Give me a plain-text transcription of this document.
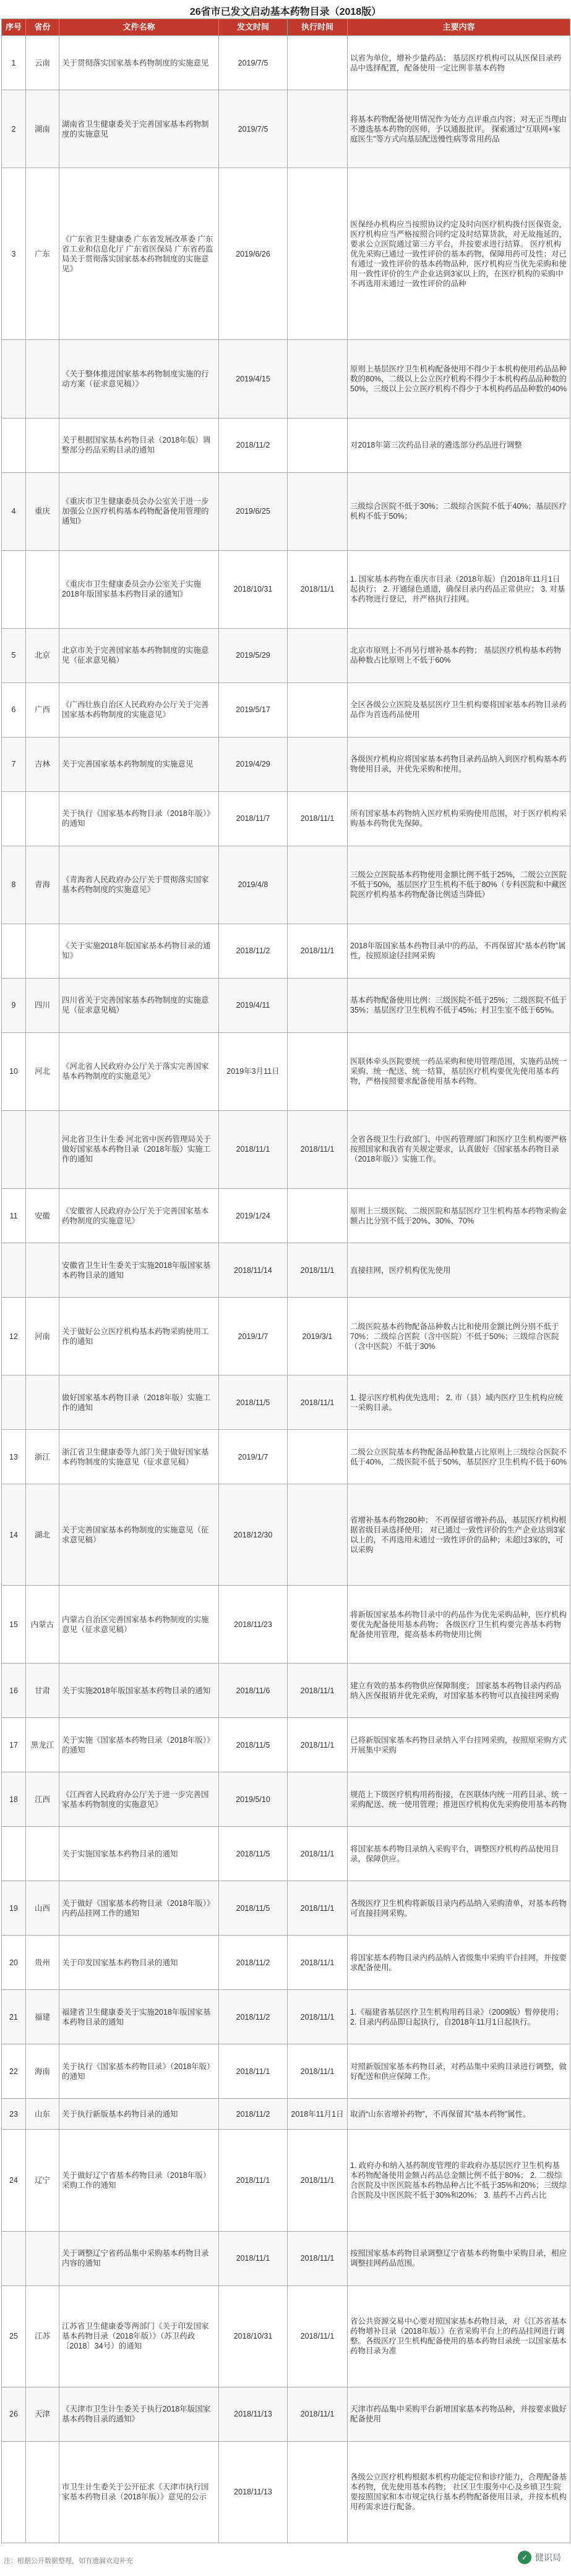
26省市已发文启动基本药物目录（2018版）
序号	省份	文件名称	发文时间	执行时间	主要内容
1	云南	关于贯彻落实国家基本药物制度的实施意见	2019/7/5		以省为单位，增补少量药品； 基层医疗机构可以从医保目录药品中选择配置，配备使用一定比例非基本药物
2	湖南	湖南省卫生健康委关于完善国家基本药物制度的实施意见	2019/7/5		将基本药物配备使用情况作为处方点评重点内容；对无正当理由不遵选基本药物的医师，予以通报批评。 探索通过“互联网+家庭医生”等方式向基层配送慢性病等常用药品
3	广东	《广东省卫生健康委 广东省发展改革委 广东省工业和信息化厅 广东省医保局 广东省药监局关于贯彻落实国家基本药物制度的实施意见》	2019/6/26		医保经办机构应当按照协议约定及时向医疗机构拨付医保资金，医疗机构应当严格按照合同约定及时结算货款，对无故拖延的，要求公立医院通过第三方平台，并按要求进行结算。 医疗机构优先采购已通过一致性评价的基本药物，保障用药可及性；对已有通过一致性评价的基本药物品种，医疗机构应当优先采购和使用一致性评价的生产企业达到3家以上的，在医疗机构的采购中不再选用未通过一致性评价的品种
		《关于整体推进国家基本药物制度实施的行动方案（征求意见稿）》	2019/4/15		原则上基层医疗卫生机构配备使用不得少于本机构使用药品品种数的80%，二级以上公立医疗机构不得少于本机构药品品种数的50%，三级以上公立医疗机构不得少于本机构药品品种数的40%
		关于根据国家基本药物目录（2018年版）调整部分药品采购目录的通知	2018/11/2		对2018年第三次药品目录的遴选部分药品进行调整
4	重庆	《重庆市卫生健康委员会办公室关于进一步加强公立医疗机构基本药物配备使用管理的通知》	2019/6/25		三级综合医院不低于30%；二级综合医院不低于40%；基层医疗机构不低于50%；
		《重庆市卫生健康委员会办公室关于实施2018年版国家基本药物目录的通知》	2018/10/31	2018/11/1	1. 国家基本药物在重庆市目录（2018年版）自2018年11月1日起执行； 2. 开通绿色通道，确保目录内药品正常供应； 3. 对基本药物进行登记，并严格执行挂网。
5	北京	北京市关于完善国家基本药物制度的实施意见（征求意见稿）	2019/5/29		北京市原则上不再另行增补基本药物； 基层医疗机构基本药物品种数占比原则上不低于60%
6	广西	《广西壮族自治区人民政府办公厅关于完善国家基本药物制度的实施意见》	2019/5/17		全区各级公立医院及基层医疗卫生机构要将国家基本药物目录药品作为首选药品使用
7	吉林	关于完善国家基本药物制度的实施意见	2019/4/29		各级医疗机构应将国家基本药物目录药品纳入到医疗机构基本药物使用目录，并优先采购和使用。
		关于执行《国家基本药物目录（2018年版）》的通知	2018/11/7	2018/11/1	所有国家基本药物纳入医疗机构采购使用范围，对于医疗机构采购基本药物优先保障。
8	青海	《青海省人民政府办公厅关于贯彻落实国家基本药物制度的实施意见》	2019/4/8		三级公立医院基本药物使用金额比例不低于25%，二级公立医院不低于50%，基层医疗卫生机构不低于80%（专科医院和中藏医院医疗机构基本药物配备比例适当降低）
		《关于实施2018年版国家基本药物目录的通知》	2018/11/2	2018/11/1	2018年版国家基本药物目录中的药品，不再保留其“基本药物”属性，按照原途径挂网采购
9	四川	四川省关于完善国家基本药物制度的实施意见（征求意见稿）	2019/4/11		基本药物配备使用比例：三级医院不低于25%；二级医院不低于35%；基层医疗卫生机构不低于45%；村卫生室不低于65%。
10	河北	《河北省人民政府办公厅关于落实完善国家基本药物制度的实施意见》	2019年3月11日		医联体牵头医院要统一药品采购和使用管理范围，实施药品统一采购、统一配送、统一结算，基层医疗机构要优先使用基本药物，严格按照要求配备使用基本药物。
		河北省卫生计生委 河北省中医药管理局关于做好国家基本药物目录（2018年版）实施工作的通知	2018/11/1	2018/11/1	全省各级卫生行政部门、中医药管理部门和医疗卫生机构要严格按照国家和我省有关规定要求，认真做好《国家基本药物目录（2018年版）》实施工作。
11	安徽	《安徽省人民政府办公厅关于完善国家基本药物制度的实施意见》	2019/1/24		原则上三级医院、二级医院和基层医疗卫生机构基本药物采购金额占比分别不低于20%、30%、70%
		安徽省卫生计生委关于实施2018年版国家基本药物目录的通知	2018/11/14	2018/11/1	直接挂网，医疗机构优先使用
12	河南	关于做好公立医疗机构基本药物采购使用工作的通知	2019/1/7	2019/3/1	二级医院基本药物配备品种数占比和使用金额比例分别不低于70%；二级综合医院（含中医院）不低于50%；三级综合医院（含中医院）不低于30%
		做好国家基本药物目录（2018年版）实施工作的通知	2018/11/5	2018/11/1	1. 提示医疗机构优先选用； 2. 市（县）域内医疗卫生机构应统一采购目录。
13	浙江	浙江省卫生健康委等九部门关于做好国家基本药物制度的实施意见（征求意见稿）	2019/1/7		二级公立医院基本药物配备品种数量占比原则上三级综合医院不低于40%，二级医院不低于50%，基层医疗卫生机构不低于60%
14	湖北	关于完善国家基本药物制度的实施意见（征求意见稿）	2018/12/30		省增补基本药物280种； 不再保留省增补药品，基层医疗机构根据省级目录选择使用； 对已通过一致性评价的生产企业达到3家以上的，不再选用未通过一致性评价的品种；未超过3家的，可以采购
15	内蒙古	内蒙古自治区完善国家基本药物制度的实施意见（征求意见稿）	2018/11/23		将新版国家基本药物目录中的药品作为优先采购品种，医疗机构要优先配备使用基本药物； 各级医疗卫生机构要完善基本药物配备使用管理，提高基本药物使用比例
16	甘肃	关于实施2018年版国家基本药物目录的通知	2018/11/6	2018/11/1	建立有效的基本药物供应保障制度； 国家基本药物目录内药品纳入医保报销并优先采购，对国家基本药物可以直接挂网采购
17	黑龙江	关于实施《国家基本药物目录（2018年版）》的通知	2018/11/5	2018/11/1	已将新版国家基本药物目录纳入平台挂网采购，按照原采购方式开展集中采购
18	江西	《江西省人民政府办公厅关于进一步完善国家基本药物制度的实施意见》	2019/5/10		规范上下级医疗机构用药衔接，在医联体内统一用药目录、统一采购配送、统一使用管理；推进医疗机构优先采购使用基本药物
		关于实施国家基本药物目录的通知	2018/11/5	2018/11/1	将国家基本药物目录纳入采购平台，调整医疗机构药品使用目录，保障供应。
19	山西	关于做好《国家基本药物目录（2018年版）》内药品挂网工作的通知	2018/11/5	2018/11/1	各级医疗卫生机构将新版目录内药品纳入采购清单，对基本药物可直接挂网采购。
20	贵州	关于印发国家基本药物目录的通知	2018/11/2	2018/11/1	将国家基本药物目录内药品纳入省级集中采购平台挂网，并按要求配备使用。
21	福建	福建省卫生健康委关于实施2018年版国家基本药物目录的通知	2018/11/2	2018/11/1	1.《福建省基层医疗卫生机构用药目录》（2009版）暂停使用；2. 目录内药品即日起执行，自2018年11月1日起执行。
22	海南	关于执行《国家基本药物目录》（2018年版）的通知	2018/11/1	2018/11/1	对照新版国家基本药物目录，对药品集中采购目录进行调整，做好配送和供应保障工作。
23	山东	关于执行新版基本药物目录的通知	2018/11/2	2018年11月1日	取消“山东省增补药物”，不再保留其“基本药物”属性。
24	辽宁	关于做好辽宁省基本药物目录（2018年版）采购工作的通知	2018/11/1	2018/11/1	1. 政府办和纳入基药制度管理的非政府办基层医疗卫生机构基本药物配备使用金额占药品总金额比例不低于80%； 2. 二级综合医院及中医医院基本药物品种占比不低于35%和20%；三级综合医院及中医医院不低于30%和20%； 3. 基药不占药占比
		关于调整辽宁省药品集中采购基本药物目录内容的通知	2018/11/1	2018/11/1	按照国家基本药物目录调整辽宁省基本药物集中采购目录，相应调整挂网药品范围。
25	江苏	江苏省卫生健康委等两部门《关于印发国家基本药物目录（2018年版）》（苏卫药政〔2018〕34号）的通知	2018/10/31	2018/11/1	省公共资源交易中心要对照国家基本药物目录，对《江苏省基本药物增补目录（2018年版）》在省采购平台上的药品挂网进行调整。各级医疗卫生机构配备使用的基本药物目录统一以国家基本药物目录为准
26	天津	《天津市卫生计生委关于执行2018年版国家基本药物目录的通知》	2018/11/13	2018/11/1	天津市药品集中采购平台新增国家基本药物品种，并按要求做好配备使用
		市卫生计生委关于公开征求《天津市执行国家基本药物目录（2018年版）》意见的公示	2018/11/13		各级公立医疗机构根据本机构功能定位和诊疗能力，合理配备基本药物，优先使用基本药物； 社区卫生服务中心及乡镇卫生院要按照国家和本市规定执行基本药物配备使用目录，并按本机构用药需求进行配备。
注：根据公开数据整理，如有遗漏欢迎补充	✓ 健识局
